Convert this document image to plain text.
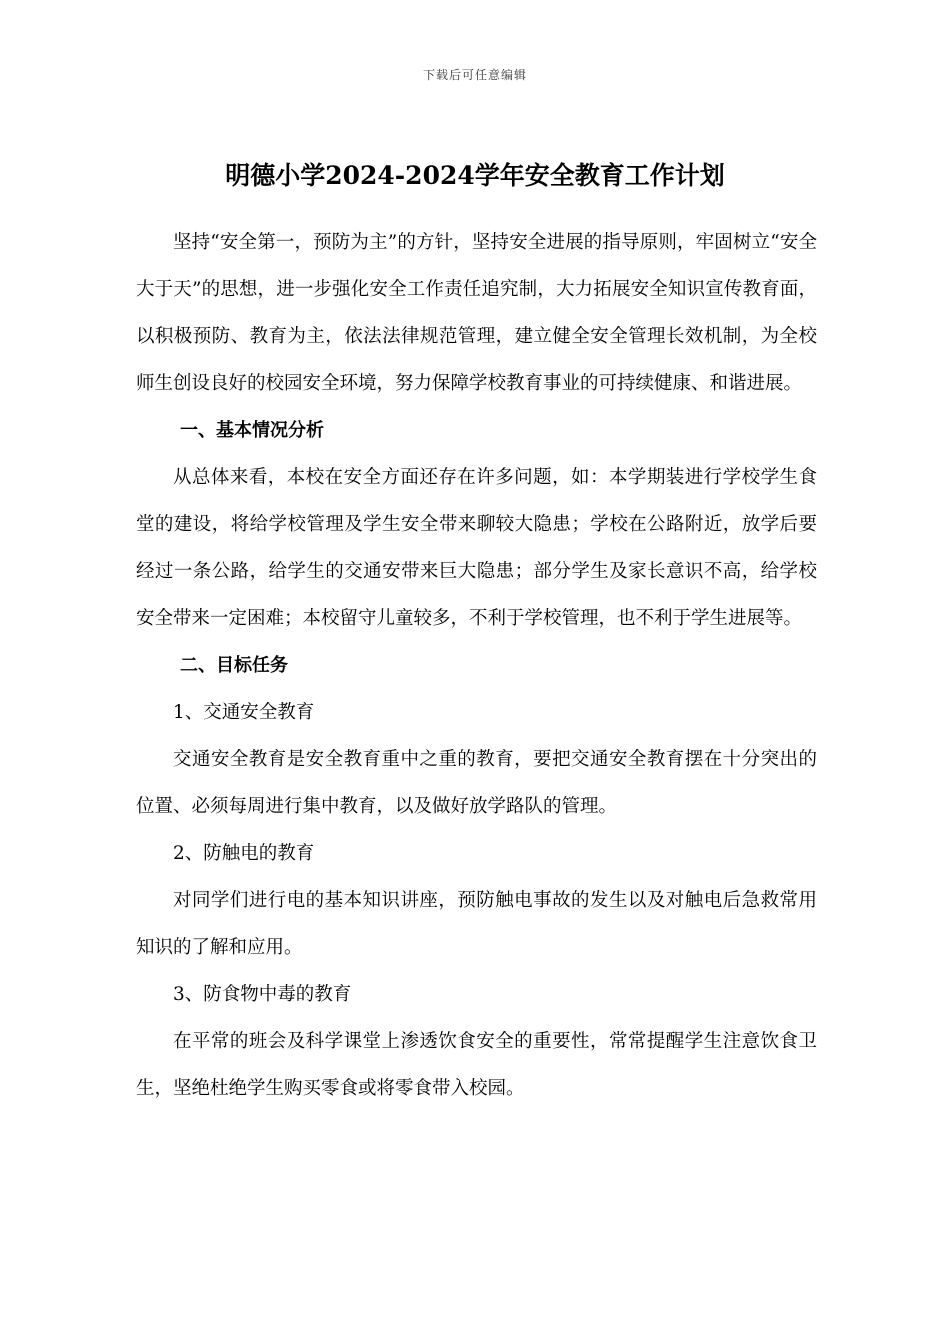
下载后可任意编辑
明德小学2024-2024学年安全教育工作计划

坚持“安全第一，预防为主”的方针，坚持安全进展的指导原则，牢固树立“安全大于天”的思想，进一步强化安全工作责任追究制，大力拓展安全知识宣传教育面，以积极预防、教育为主，依法法律规范管理，建立健全安全管理长效机制，为全校师生创设良好的校园安全环境，努力保障学校教育事业的可持续健康、和谐进展。

一、基本情况分析

从总体来看，本校在安全方面还存在许多问题，如：本学期装进行学校学生食堂的建设，将给学校管理及学生安全带来聊较大隐患；学校在公路附近，放学后要经过一条公路，给学生的交通安带来巨大隐患；部分学生及家长意识不高，给学校安全带来一定困难；本校留守儿童较多，不利于学校管理，也不利于学生进展等。

二、目标任务

1、交通安全教育

交通安全教育是安全教育重中之重的教育，要把交通安全教育摆在十分突出的位置、必须每周进行集中教育，以及做好放学路队的管理。

2、防触电的教育

对同学们进行电的基本知识讲座，预防触电事故的发生以及对触电后急救常用知识的了解和应用。

3、防食物中毒的教育

在平常的班会及科学课堂上渗透饮食安全的重要性，常常提醒学生注意饮食卫生，坚绝杜绝学生购买零食或将零食带入校园。
